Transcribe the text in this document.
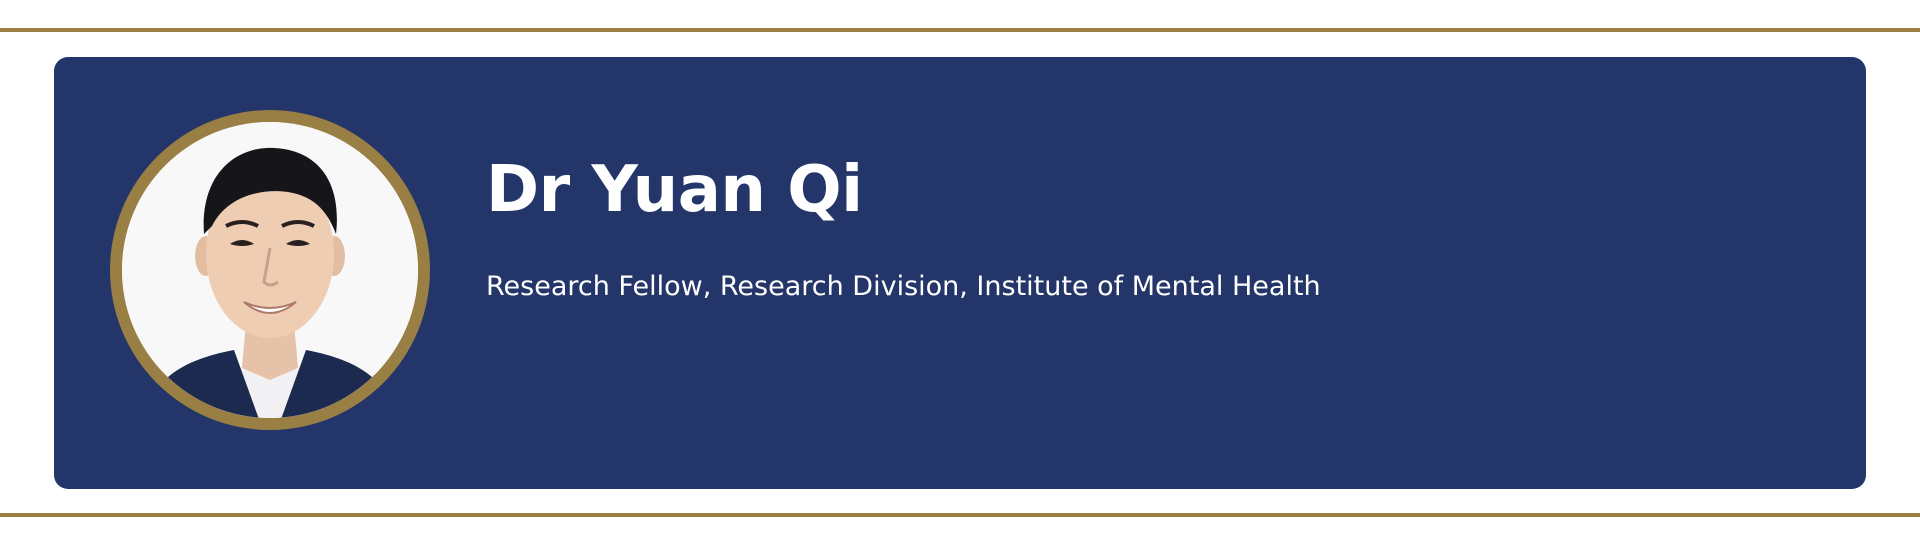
Dr Yuan Qi

Research Fellow, Research Division, Institute of Mental Health
